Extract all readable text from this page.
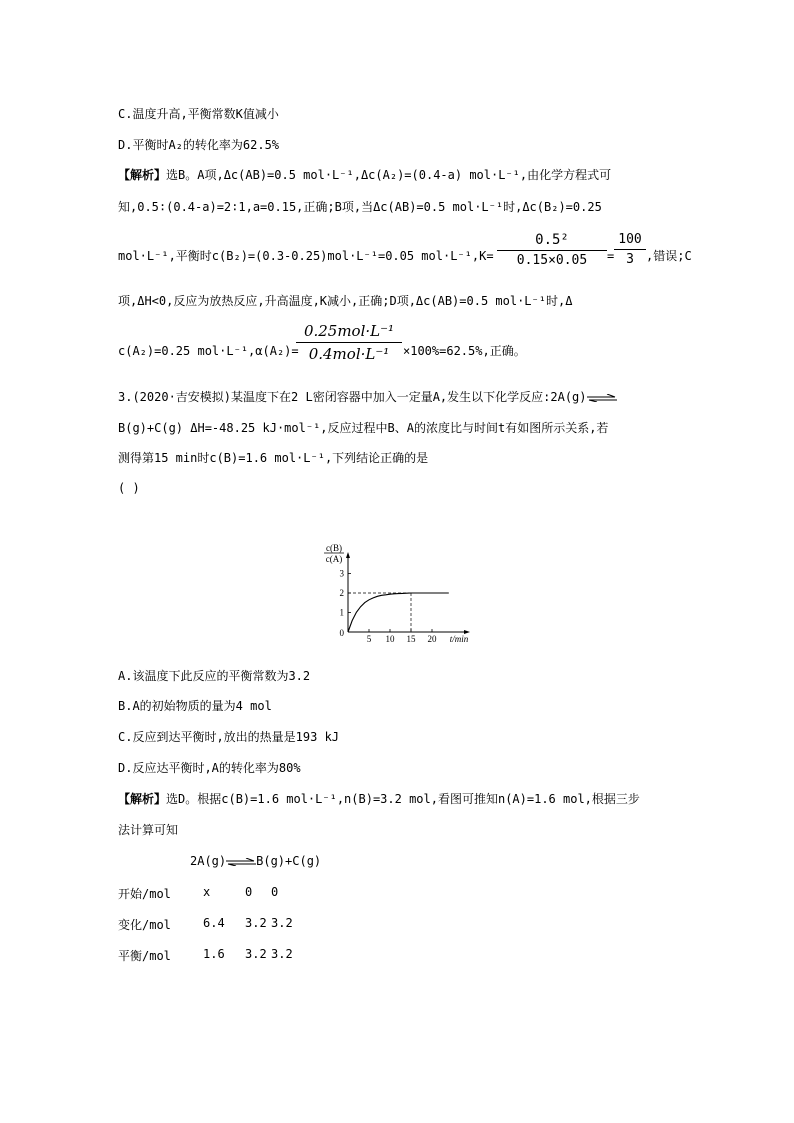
C.温度升高,平衡常数K值减小
D.平衡时A₂的转化率为62.5%
【解析】选B。A项,Δc(AB)=0.5 mol·L⁻¹,Δc(A₂)=(0.4-a) mol·L⁻¹,由化学方程式可
知,0.5∶(0.4-a)=2∶1,a=0.15,正确;B项,当Δc(AB)=0.5 mol·L⁻¹时,Δc(B₂)=0.25
mol·L⁻¹,平衡时c(B₂)=(0.3-0.25)mol·L⁻¹=0.05 mol·L⁻¹,K=
0.5²
0.15×0.05	=
100
3	,错误;C
项,ΔH<0,反应为放热反应,升高温度,K减小,正确;D项,Δc(AB)=0.5 mol·L⁻¹时,Δ
c(A₂)=0.25 mol·L⁻¹,α(A₂)=
0.25mol·L⁻¹
0.4mol·L⁻¹	×100%=62.5%,正确。
3.(2020·吉安模拟)某温度下在2 L密闭容器中加入一定量A,发生以下化学反应:2A(g)⇌
B(g)+C(g) ΔH=-48.25 kJ·mol⁻¹,反应过程中B、A的浓度比与时间t有如图所示关系,若
测得第15 min时c(B)=1.6 mol·L⁻¹,下列结论正确的是
( )
c(B)
c(A)
0
t/min
5 10 15 20
1
2
3
A.该温度下此反应的平衡常数为3.2
B.A的初始物质的量为4 mol
C.反应到达平衡时,放出的热量是193 kJ
D.反应达平衡时,A的转化率为80%
【解析】选D。根据c(B)=1.6 mol·L⁻¹,n(B)=3.2 mol,看图可推知n(A)=1.6 mol,根据三步
法计算可知
2A(g)⇌B(g)+C(g)
开始/mol	x	0 0
变化/mol	6.4 3.2 3.2
平衡/mol	1.6 3.2 3.2
